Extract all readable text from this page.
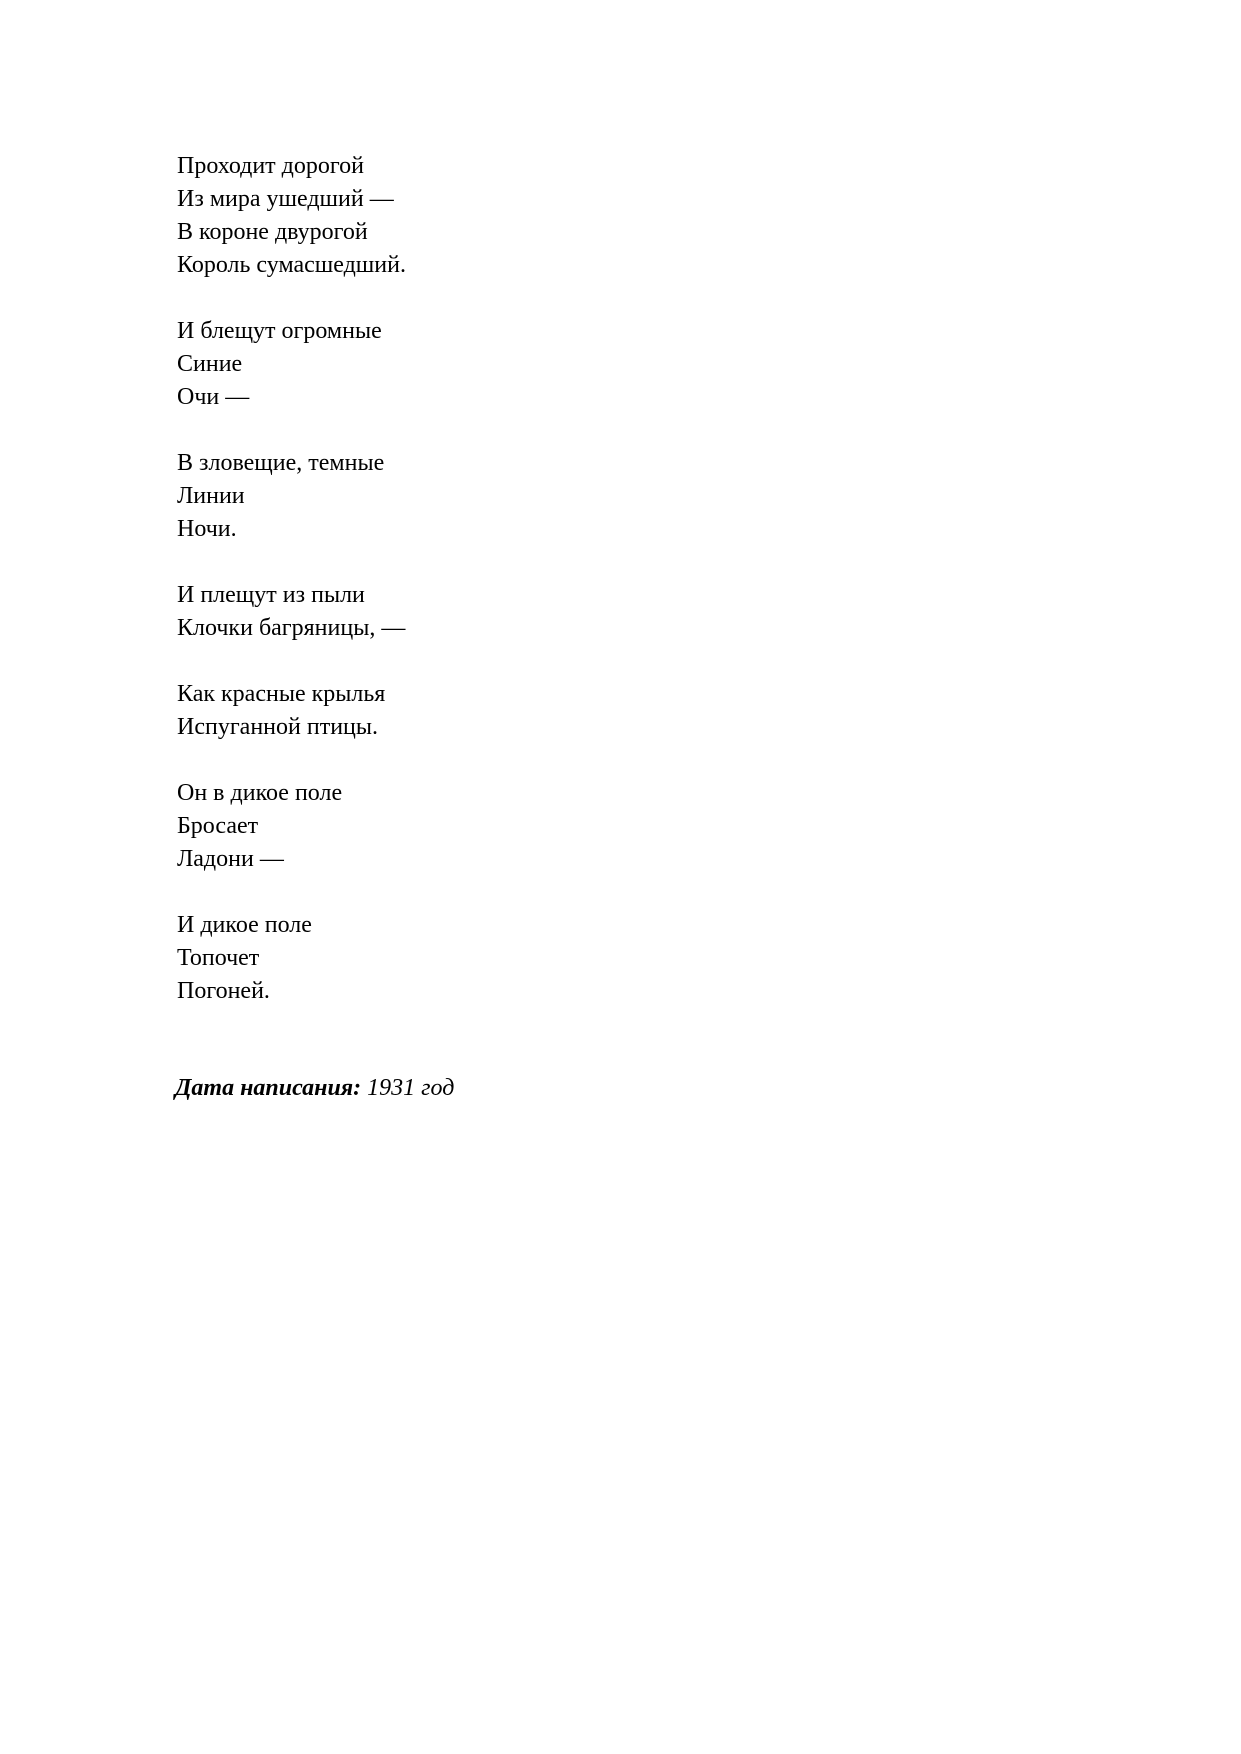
Проходит дорогой
Из мира ушедший —
В короне двурогой
Король сумасшедший.
И блещут огромные
Синие
Очи —
В зловещие, темные
Линии
Ночи.
И плещут из пыли
Клочки багряницы, —
Как красные крылья
Испуганной птицы.
Он в дикое поле
Бросает
Ладони —
И дикое поле
Топочет
Погоней.
Дата написания: 1931 год
